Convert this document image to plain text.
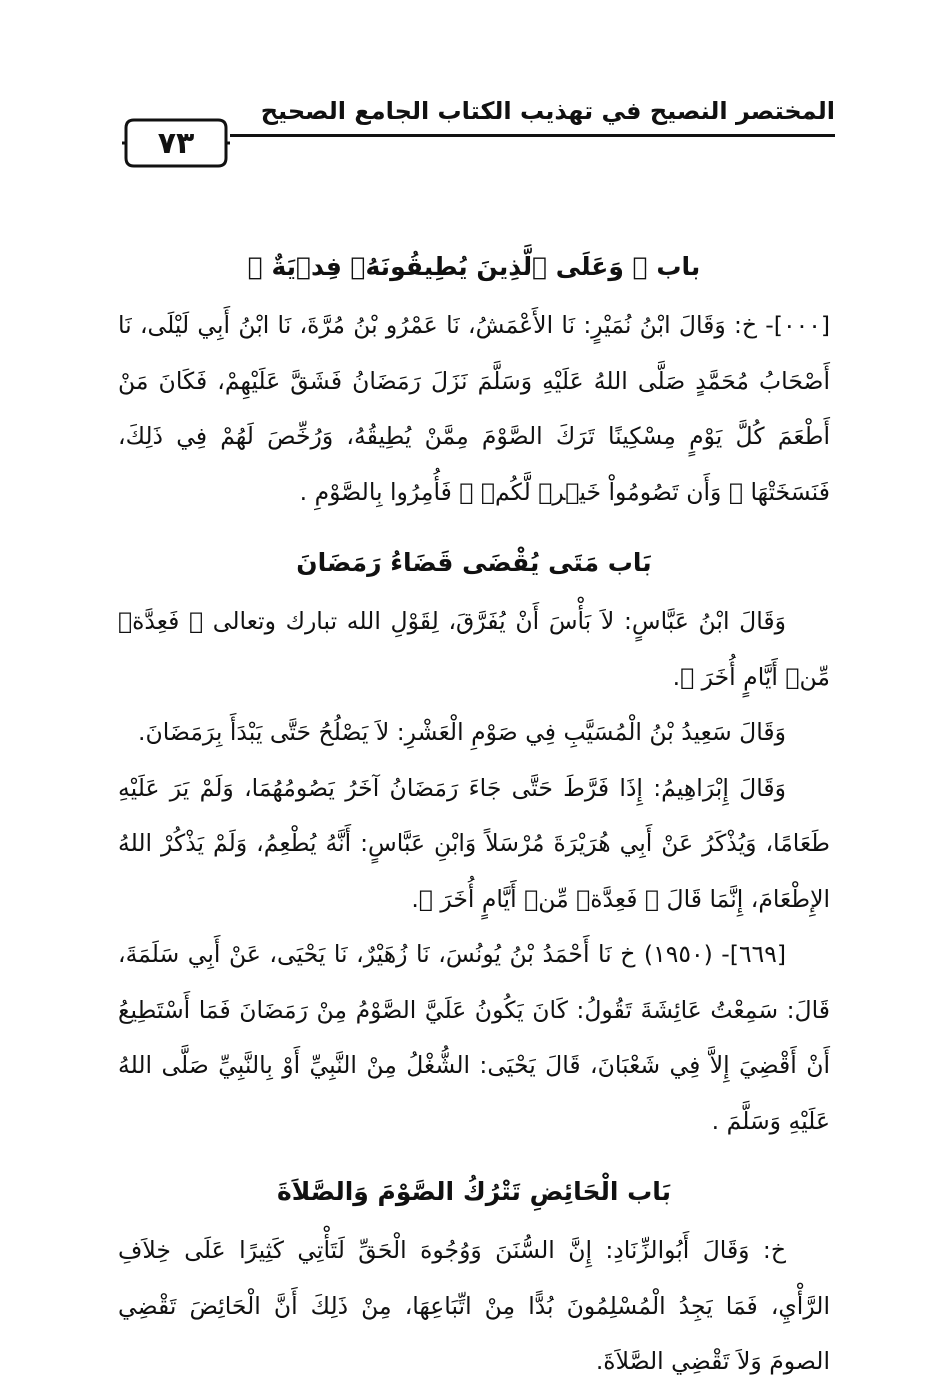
المختصر النصيح في تهذيب الكتاب الجامع الصحيح
٧٣

باب ﴿ وَعَلَى ٱلَّذِينَ يُطِيقُونَهُۥ فِدۡيَةٌ ﴾

[٠٠٠]- خ: وَقَالَ ابْنُ نُمَيْرٍ: نَا الأَعْمَشُ، نَا عَمْرُو بْنُ مُرَّةَ، نَا ابْنُ أَبِي لَيْلَى، نَا أَصْحَابُ مُحَمَّدٍ صَلَّى اللهُ عَلَيْهِ وَسَلَّمَ نَزَلَ رَمَضَانُ فَشَقَّ عَلَيْهِمْ، فَكَانَ مَنْ أَطْعَمَ كُلَّ يَوْمٍ مِسْكِينًا تَرَكَ الصَّوْمَ مِمَّنْ يُطِيقُهُ، وَرُخِّصَ لَهُمْ فِي ذَلِكَ، فَنَسَخَتْهَا ﴿ وَأَن تَصُومُواْ خَيۡرٞ لَّكُمۡ ﴾ فَأُمِرُوا بِالصَّوْمِ .

بَاب مَتَى يُقْضَى قَضَاءُ رَمَضَانَ

وَقَالَ ابْنُ عَبَّاسٍ: لاَ بَأْسَ أَنْ يُفَرَّقَ، لِقَوْلِ الله تبارك وتعالى ﴿ فَعِدَّةٞ مِّنۡ أَيَّامٍ أُخَرَ ﴾.

وَقَالَ سَعِيدُ بْنُ الْمُسَيَّبِ فِي صَوْمِ الْعَشْرِ: لاَ يَصْلُحُ حَتَّى يَبْدَأَ بِرَمَضَانَ.

وَقَالَ إِبْرَاهِيمُ: إِذَا فَرَّطَ حَتَّى جَاءَ رَمَضَانُ آخَرُ يَصُومُهُمَا، وَلَمْ يَرَ عَلَيْهِ طَعَامًا، وَيُذْكَرُ عَنْ أَبِي هُرَيْرَةَ مُرْسَلاً وَابْنِ عَبَّاسٍ: أَنَّهُ يُطْعِمُ، وَلَمْ يَذْكُرْ اللهُ الإِطْعَامَ، إِنَّمَا قَالَ ﴿ فَعِدَّةٞ مِّنۡ أَيَّامٍ أُخَرَ ﴾.

[٦٦٩]- (١٩٥٠) خ نَا أَحْمَدُ بْنُ يُونُسَ، نَا زُهَيْرٌ، نَا يَحْيَى، عَنْ أَبِي سَلَمَةَ، قَالَ: سَمِعْتُ عَائِشَةَ تَقُولُ: كَانَ يَكُونُ عَلَيَّ الصَّوْمُ مِنْ رَمَضَانَ فَمَا أَسْتَطِيعُ أَنْ أَقْضِيَ إِلاَّ فِي شَعْبَانَ، قَالَ يَحْيَى: الشُّغْلُ مِنْ النَّبِيِّ أَوْ بِالنَّبِيِّ صَلَّى اللهُ عَلَيْهِ وَسَلَّمَ .

بَاب الْحَائِضِ تَتْرُكُ الصَّوْمَ وَالصَّلاَةَ

خ: وَقَالَ أَبُوالزِّنَادِ: إِنَّ السُّنَنَ وَوُجُوهَ الْحَقِّ لَتَأْتِي كَثِيرًا عَلَى خِلاَفِ الرَّأْيِ، فَمَا يَجِدُ الْمُسْلِمُونَ بُدًّا مِنْ اتِّبَاعِهَا، مِنْ ذَلِكَ أَنَّ الْحَائِضَ تَقْضِي الصومَ وَلاَ تَقْضِي الصَّلاَةَ.
